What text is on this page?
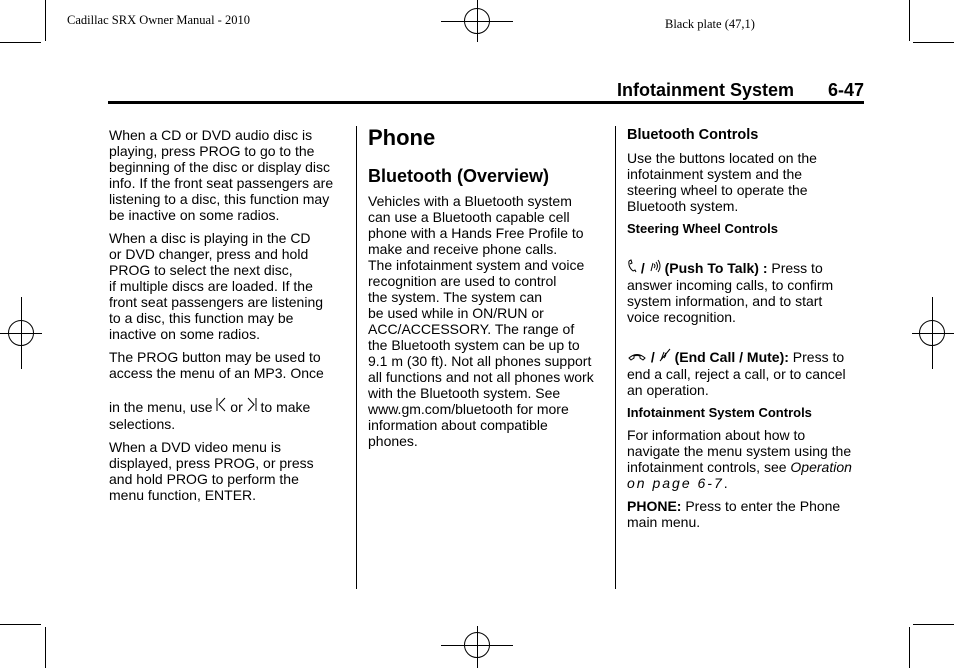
Cadillac SRX Owner Manual - 2010	Black plate (47,1)
Infotainment System 6-47

When a CD or DVD audio disc is
playing, press PROG to go to the
beginning of the disc or display disc
info. If the front seat passengers are
listening to a disc, this function may
be inactive on some radios.

When a disc is playing in the CD
or DVD changer, press and hold
PROG to select the next disc,
if multiple discs are loaded. If the
front seat passengers are listening
to a disc, this function may be
inactive on some radios.

The PROG button may be used to
access the menu of an MP3. Once
in the menu, use or to make
selections.

When a DVD video menu is
displayed, press PROG, or press
and hold PROG to perform the
menu function, ENTER.

Phone
Bluetooth (Overview)

Vehicles with a Bluetooth system
can use a Bluetooth capable cell
phone with a Hands Free Profile to
make and receive phone calls.
The infotainment system and voice
recognition are used to control
the system. The system can
be used while in ON/RUN or
ACC/ACCESSORY. The range of
the Bluetooth system can be up to
9.1 m (30 ft). Not all phones support
all functions and not all phones work
with the Bluetooth system. See
www.gm.com/bluetooth for more
information about compatible
phones.

Bluetooth Controls

Use the buttons located on the
infotainment system and the
steering wheel to operate the
Bluetooth system.

Steering Wheel Controls

/ (Push To Talk) : Press to
answer incoming calls, to confirm
system information, and to start
voice recognition.

/ (End Call / Mute): Press to
end a call, reject a call, or to cancel
an operation.

Infotainment System Controls

For information about how to
navigate the menu system using the
infotainment controls, see Operation
on page 6-7.

PHONE: Press to enter the Phone
main menu.
